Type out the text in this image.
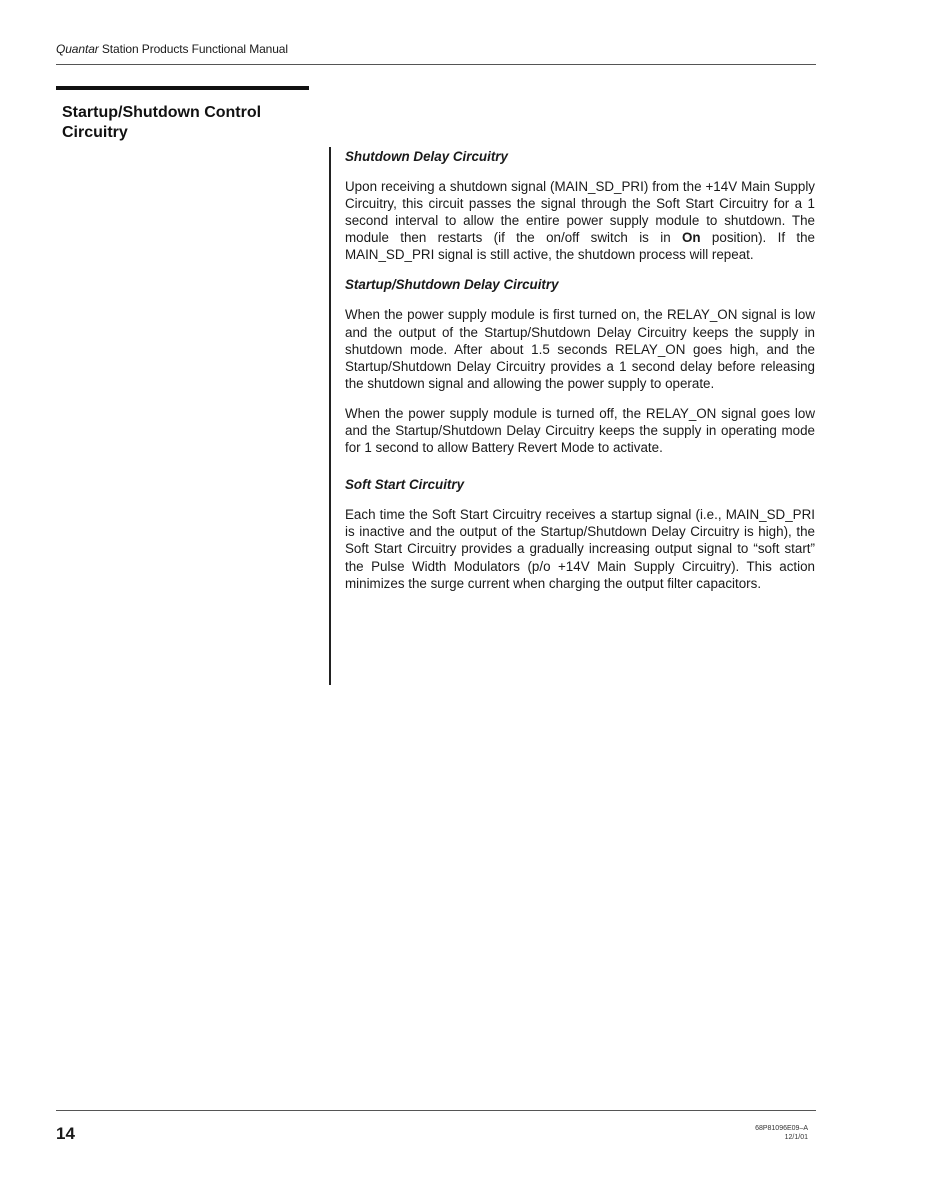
Quantar Station Products Functional Manual
Startup/Shutdown Control
Circuitry
Shutdown Delay Circuitry
Upon receiving a shutdown signal (MAIN_SD_PRI) from the +14V Main Supply Circuitry, this circuit passes the signal through the Soft Start Circuitry for a 1 second interval to allow the entire power supply module to shutdown. The module then restarts (if the on/off switch is in On position). If the MAIN_SD_PRI signal is still active, the shutdown process will repeat.
Startup/Shutdown Delay Circuitry
When the power supply module is first turned on, the RELAY_ON signal is low and the output of the Startup/Shutdown Delay Circuitry keeps the supply in shutdown mode. After about 1.5 seconds RELAY_ON goes high, and the Startup/Shutdown Delay Circuitry provides a 1 second delay before releasing the shutdown signal and allowing the power supply to operate.
When the power supply module is turned off, the RELAY_ON signal goes low and the Startup/Shutdown Delay Circuitry keeps the supply in operating mode for 1 second to allow Battery Revert Mode to activate.
Soft Start Circuitry
Each time the Soft Start Circuitry receives a startup signal (i.e., MAIN_SD_PRI is inactive and the output of the Startup/Shutdown Delay Circuitry is high), the Soft Start Circuitry provides a gradually increasing output signal to “soft start” the Pulse Width Modulators (p/o +14V Main Supply Circuitry). This action minimizes the surge current when charging the output filter capacitors.
14	68P81096E09–A
12/1/01
